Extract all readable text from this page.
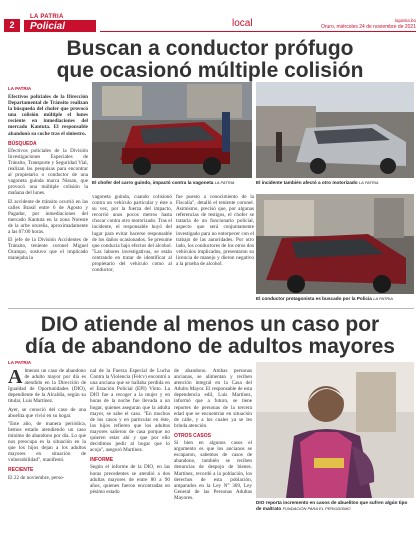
2
LA PATRIA
Policial	local	lapatria.bo
Oruro, miércoles 24 de noviembre de 2021
Buscan a conductor prófugo
que ocasionó múltiple colisión
LA PATRIA

Efectivos policiales de la Dirección Departamental de Tránsito realizan la búsqueda del chofer que provocó una colisión múltiple el lunes reciente en inmediaciones del mercado Kantuta. El responsable abandonó su coche tras el siniestro.

BÚSQUEDA

Efectivos policiales de la División Investigaciones Especiales de Tránsito, Transporte y Seguridad Vial, realizan las pesquisas para encontrar al propietario o conductor de una vagoneta guinda marca Nissan, que provocó una múltiple colisión la mañana del lunes.

El accidente de tránsito ocurrió en las calles Brasil entre 6 de Agosto y Pagador, por inmediaciones del mercado Kantuta en la zona Noreste de la urbe orureña, aproximadamente a las 07:00 horas.

El jefe de la División Accidentes de Tránsito, teniente coronel Miguel Ocampo, sostuvo que el implicado manejaba la

El chofer del carro guindo, impactó contra la vagoneta LA PATRIA	El incidente también afectó a otro motorizado LA PATRIA
vagoneta guinda, cuando colisionó contra un vehículo particular y éste a su vez, por la fuerza del impacto, recorrió unos pocos metros hasta chocar contra otro motorizado. Tras el incidente, el responsable huyó del lugar para evitar hacerse responsable de los daños ocasionados. Se presume que conducía bajo efectos del alcohol. "Las labores investigativas, se están centrando en tratar de identificar al propietario del vehículo como al conductor,
fue puesto a conocimiento de la Fiscalía", detalló el teniente coronel. Asimismo, precisó que, por algunas referencias de testigos, el chofer se trataría de un funcionario policial, aspecto que será conjuntamente investigado para no entorpecer con el trabajo de las autoridades. Por otro lado, los conductores de los otros dos vehículos implicados, presentaron su licencia de manejo y dieron negativo a la prueba de alcohol.
El conductor protagonista es buscado por la Policía LA PATRIA
DIO atiende al menos un caso por
día de abandono de adultos mayores
LA PATRIA

Almenos un caso de abandono de adulto mayor por día es atendido en la Dirección de Igualdad de Oportunidades (DIO), dependiente de la Alcaldía, según su titular, Luis Martínez.

Ayer, se conoció del caso de una abuelita que vivió en su hogar.

"Este año, de manera periódica, hemos estado atendiendo un caso mínimo de abandono por día. Lo que nos preocupa es la situación en la que los hijos dejan a los adultos mayores en situación de vulnerabilidad", manifestó.

RECIENTE

El 22 de noviembre, perso-

nal de la Fuerza Especial de Lucha Contra la Violencia (Felcv) encontró a una anciana que se hallaba perdida en el Estación Policial (EPI) Vinto. La DIO fue a recoger a la mujer y en horas de la noche fue llevada a un hogar, quienes aseguran que la adulta mayor, se sabe el caso. "En muchos de los casos y en particular en éste, los hijos refieren que los adultos mayores salieron de casa porque no quieren estar ahí y que por ello decidimos pedir al hogar que lo acoja", aseguró Martínez.

INFORME

Según el informe de la DIO, en las horas precedentes se atendió a dos adultas mayores de entre 80 a 90 años, quienes fueron encontradas en pésimo estado

de abandono. Ambas personas ancianas, se alimentan y reciben atención integral en la Casa del Adulto Mayor. El responsable de esta dependencia edil, Luis Martínez, informó que a futuro, se tiene reportes de personas de la tercera edad que se encuentran en situación de calle, y a los cuales ya se les brinda atención.

OTROS CASOS

Si bien en algunos casos el argumento es que los ancianos se escaparon, sabemos de casos de abandono, también se reciben denuncias de despojo de bienes. Martínez, recordó a la población, los derechos de esta población, amparados en la Ley N° 369, Ley General de las Personas Adultas Mayores.

DIO reporta incremento en casos de abuelitos que sufren algún tipo de maltrato FUNDACIÓN PARA EL PERIODISMO
